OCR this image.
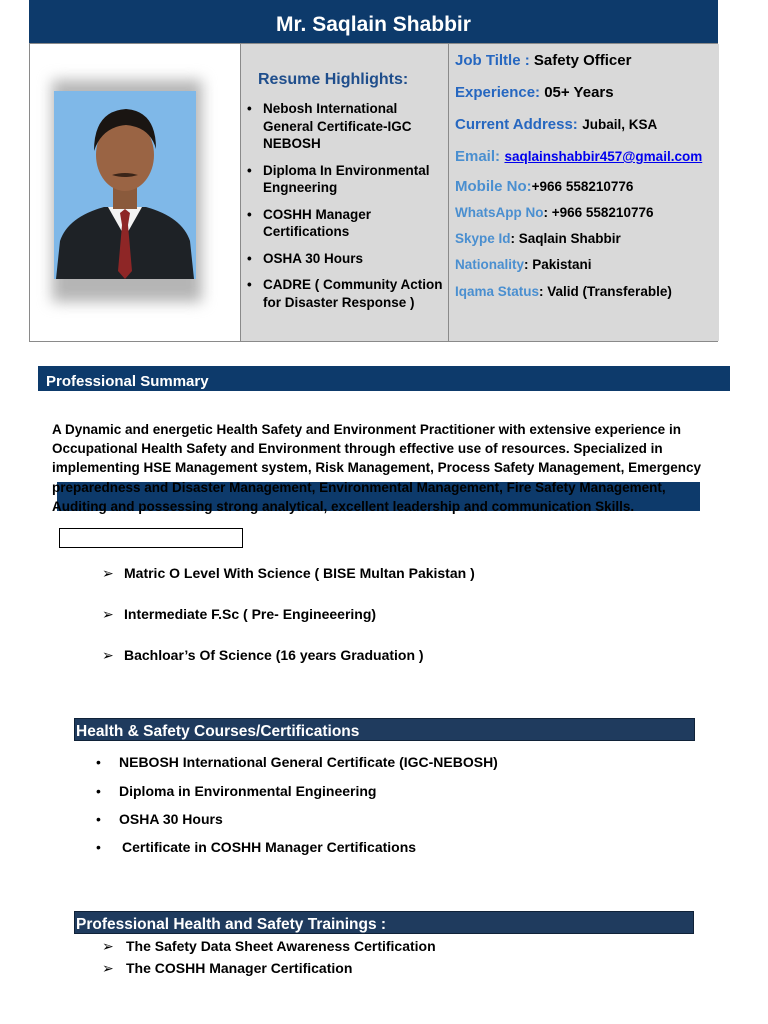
Mr. Saqlain Shabbir
Resume Highlights:
• Nebosh International General Certificate-IGC NEBOSH
• Diploma In Environmental Engneering
• COSHH Manager Certifications
• OSHA 30 Hours
• CADRE ( Community Action for Disaster Response )
Job Tiltle : Safety Officer
Experience: 05+ Years
Current Address: Jubail, KSA
Email: saqlainshabbir457@gmail.com
Mobile No:+966 558210776
WhatsApp No: +966 558210776
Skype Id: Saqlain Shabbir
Nationality: Pakistani
Iqama Status: Valid (Transferable)
Professional Summary
A Dynamic and energetic Health Safety and Environment Practitioner with extensive experience in Occupational Health Safety and Environment through effective use of resources. Specialized in implementing HSE Management system, Risk Management, Process Safety Management, Emergency preparedness and Disaster Management, Environmental Management, Fire Safety Management, Auditing and possessing strong analytical, excellent leadership and communication Skills.
➢ Matric O Level With Science ( BISE Multan Pakistan )
➢ Intermediate F.Sc ( Pre- Engineeering)
➢ Bachloar’s Of Science (16 years Graduation )
Health & Safety Courses/Certifications
• NEBOSH International General Certificate (IGC-NEBOSH)
• Diploma in Environmental Engineering
• OSHA 30 Hours
• Certificate in COSHH Manager Certifications
Professional Health and Safety Trainings :
➢ The Safety Data Sheet Awareness Certification
➢ The COSHH Manager Certification
